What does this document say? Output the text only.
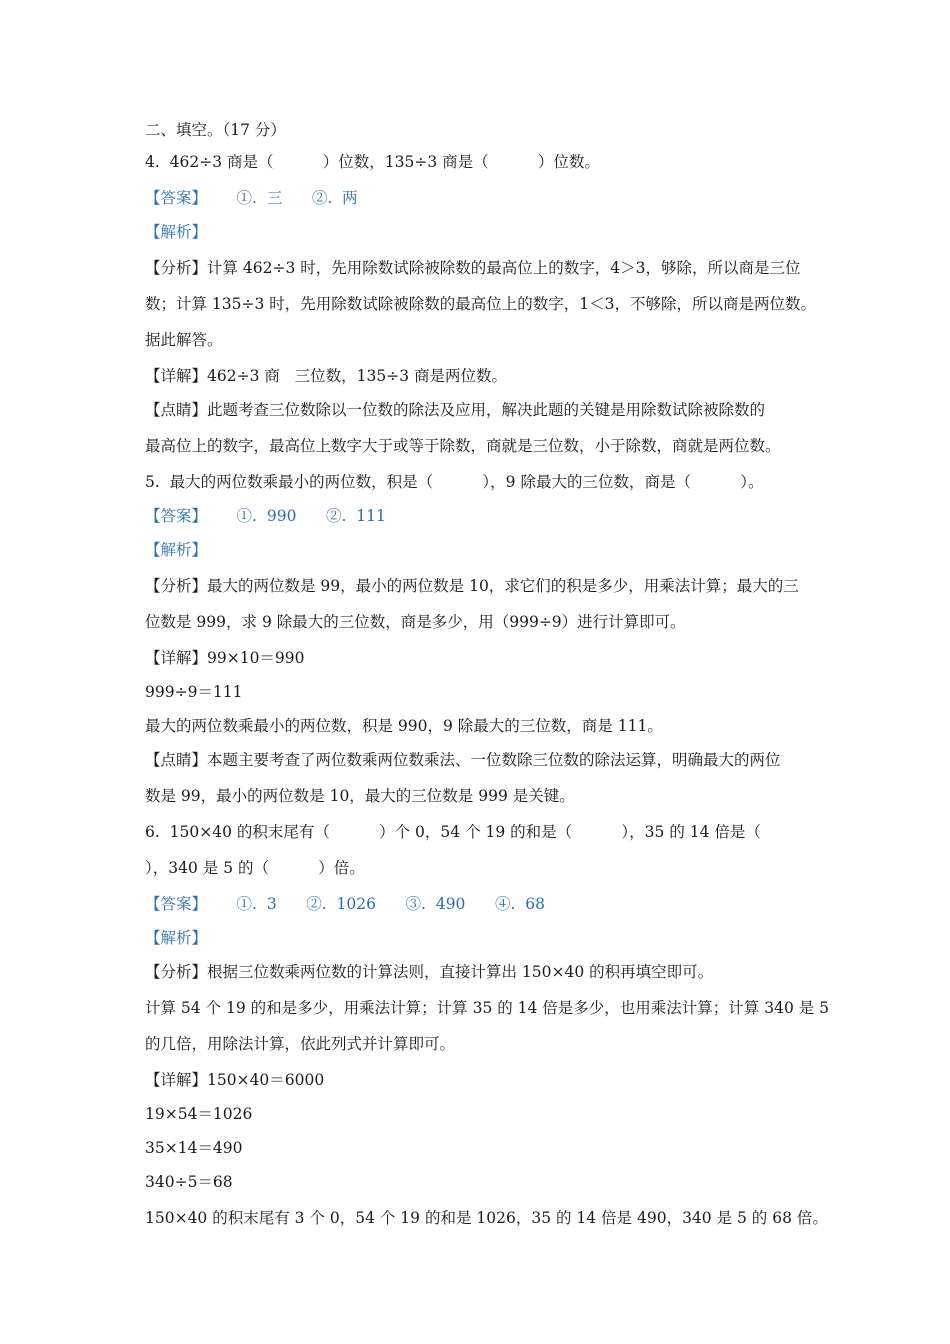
二、填空。（17 分）
4.  462÷3 商是（          ）位数，135÷3 商是（          ）位数。
【答案】      ①.  三      ②.  两
【解析】
【分析】计算 462÷3 时，先用除数试除被除数的最高位上的数字，4＞3，够除，所以商是三位
数；计算 135÷3 时，先用除数试除被除数的最高位上的数字，1＜3，不够除，所以商是两位数。
据此解答。
【详解】462÷3 商   三位数，135÷3 商是两位数。
【点睛】此题考查三位数除以一位数的除法及应用，解决此题的关键是用除数试除被除数的
最高位上的数字，最高位上数字大于或等于除数，商就是三位数，小于除数，商就是两位数。
5.  最大的两位数乘最小的两位数，积是（          ），9 除最大的三位数，商是（          ）。
【答案】      ①.  990      ②.  111
【解析】
【分析】最大的两位数是 99，最小的两位数是 10，求它们的积是多少，用乘法计算；最大的三
位数是 999，求 9 除最大的三位数，商是多少，用（999÷9）进行计算即可。
【详解】99×10＝990
999÷9＝111
最大的两位数乘最小的两位数，积是 990，9 除最大的三位数，商是 111。
【点睛】本题主要考查了两位数乘两位数乘法、一位数除三位数的除法运算，明确最大的两位
数是 99，最小的两位数是 10，最大的三位数是 999 是关键。
6.  150×40 的积末尾有（          ）个 0，54 个 19 的和是（          ），35 的 14 倍是（
），340 是 5 的（          ）倍。
【答案】      ①.  3      ②.  1026      ③.  490      ④.  68
【解析】
【分析】根据三位数乘两位数的计算法则，直接计算出 150×40 的积再填空即可。
计算 54 个 19 的和是多少，用乘法计算；计算 35 的 14 倍是多少，也用乘法计算；计算 340 是 5
的几倍，用除法计算，依此列式并计算即可。
【详解】150×40＝6000
19×54＝1026
35×14＝490
340÷5＝68
150×40 的积末尾有 3 个 0，54 个 19 的和是 1026，35 的 14 倍是 490，340 是 5 的 68 倍。
